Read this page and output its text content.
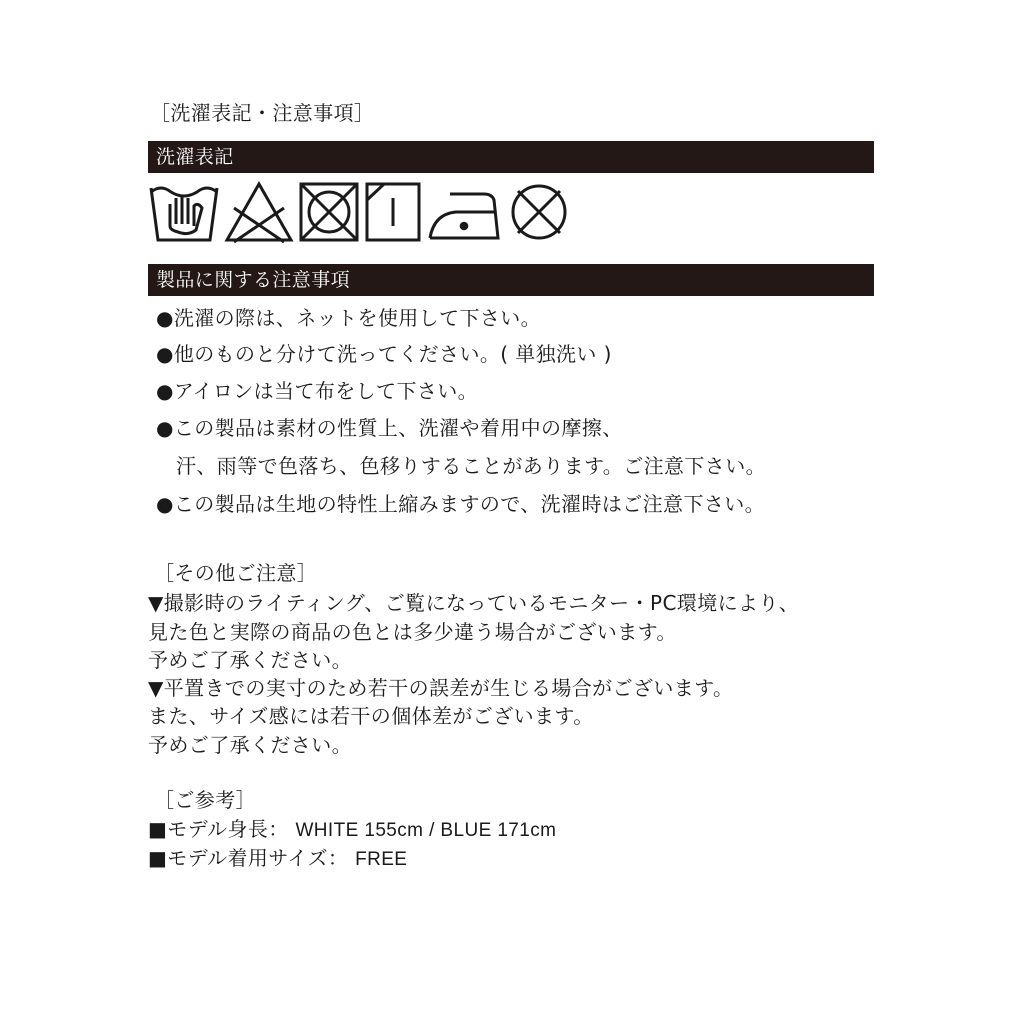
［洗濯表記・注意事項］
洗濯表記
製品に関する注意事項
●洗濯の際は、ネットを使用して下さい。
●他のものと分けて洗ってください。( 単独洗い )
●アイロンは当て布をして下さい。
●この製品は素材の性質上、洗濯や着用中の摩擦、
汗、雨等で色落ち、色移りすることがあります。ご注意下さい。
●この製品は生地の特性上縮みますので、洗濯時はご注意下さい。
［その他ご注意］
▼撮影時のライティング、ご覧になっているモニター・PC環境により、
見た色と実際の商品の色とは多少違う場合がございます。
予めご了承ください。
▼平置きでの実寸のため若干の誤差が生じる場合がございます。
また、サイズ感には若干の個体差がございます。
予めご了承ください。
［ご参考］
■モデル身長： WHITE 155cm / BLUE 171cm
■モデル着用サイズ： FREE
